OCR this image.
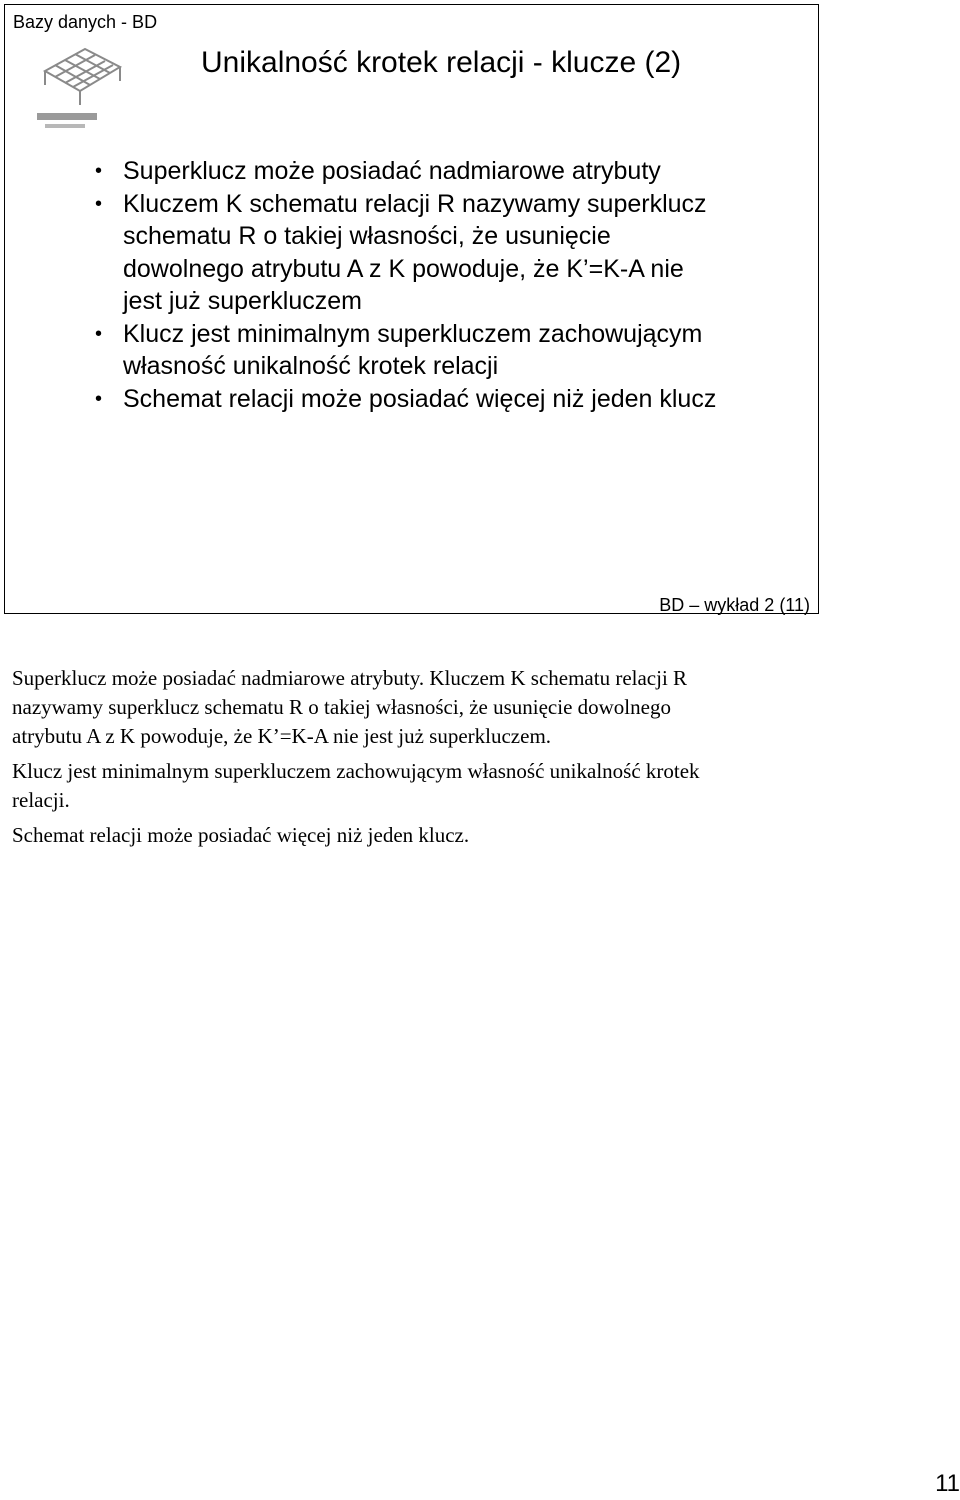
Bazy danych - BD
Unikalność krotek relacji - klucze (2)
• Superklucz może posiadać nadmiarowe atrybuty
• Kluczem K schematu relacji R nazywamy superklucz
schematu R o takiej własności, że usunięcie
dowolnego atrybutu A z K powoduje, że K’=K-A nie
jest już superkluczem
• Klucz jest minimalnym superkluczem zachowującym
własność unikalność krotek relacji
• Schemat relacji może posiadać więcej niż jeden klucz
BD – wykład 2 (11)

Superklucz może posiadać nadmiarowe atrybuty. Kluczem K schematu relacji R
nazywamy superklucz schematu R o takiej własności, że usunięcie dowolnego
atrybutu A z K powoduje, że K’=K-A nie jest już superkluczem.

Klucz jest minimalnym superkluczem zachowującym własność unikalność krotek
relacji.

Schemat relacji może posiadać więcej niż jeden klucz.

11
